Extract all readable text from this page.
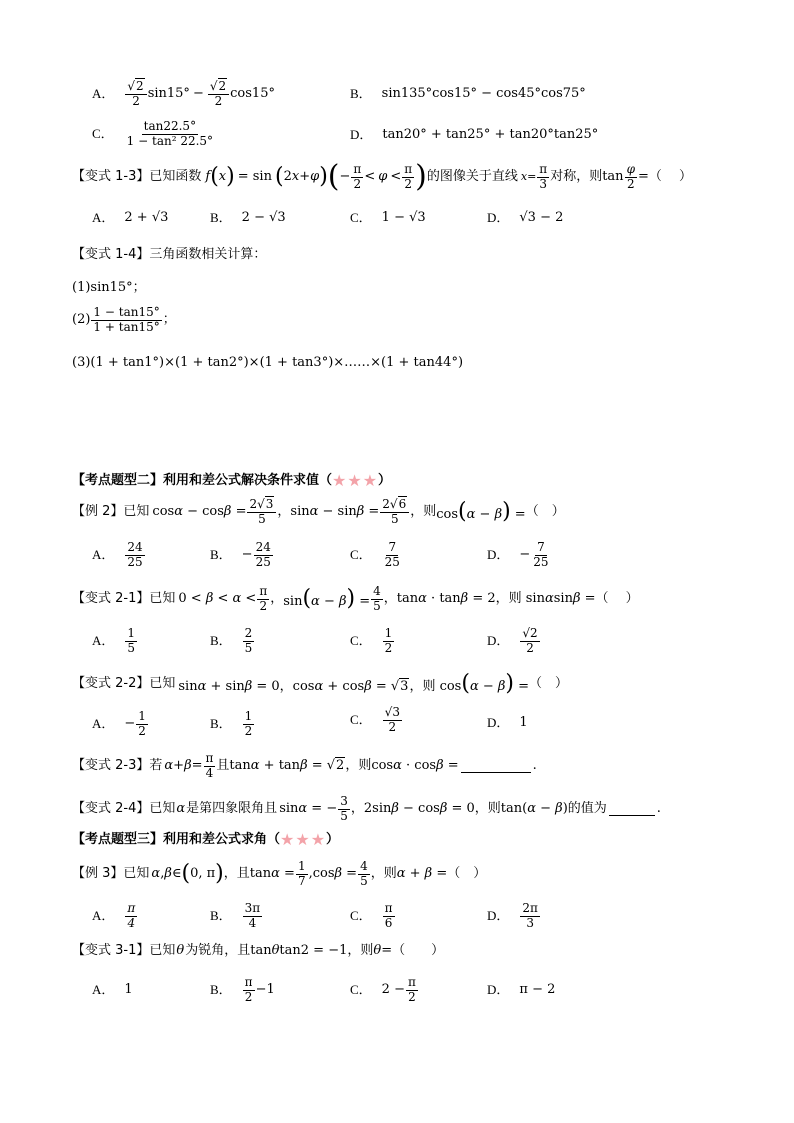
A． $\frac{√2}{2} \sin 15^\circ - \frac{√2}{2} \cos 15^\circ$	B． sin135°cos15° − cos45°cos75°
C． $\frac{\tan 22.5^\circ}{\text{1 − tan² 22.5°}}$	D． tan20° + tan25° + tan20°tan25°
【变式 1-3】 已知函数 f ( x ) = sin ( 2 x + φ ) ( − $\frac{\pi}{2} < \varphi < \frac{\pi}{2}$ ) 的图像关于直线 $x = \frac{\pi}{3}$ 对称，则 $\tan \frac{\varphi}{2}$ = （　 ）
A． 2 + √3	B． 2 − √3	C． 1 − √3	D． √3 − 2
【变式 1-4】 三角函数相关计算：
(1)sin15°；
$(2) \frac{1 - \tan 15^\circ}{1 + \tan 15^\circ}$ ；
(3)(1 + tan1°)×(1 + tan2°)×(1 + tan3°)×……×(1 + tan44°)
【考点题型二】利用和差公式解决条件求值（ ★★★ ）
【例 2】 已知 $\cos\alpha - \cos\beta = \frac{2√3}{5}$ ， $\sin\alpha - \sin\beta = \frac{2√6}{5}$ ，则 cos(α − β) = （　）
A． $\frac{24}{25}$	B． − $\frac{24}{25}$	C． $\frac{7}{25}$	D． − $\frac{7}{25}$
【变式 2-1】 已知 $0 < \beta < \alpha < \frac{\pi}{2}$ ， $\sin(\alpha - \beta) = \frac{4}{5}$ ， tanα · tanβ = 2，则 sinαsinβ = （　 ）
A． $\frac{1}{5}$	B． $\frac{2}{5}$	C． $\frac{1}{2}$	D． $\frac{√2}{2}$
【变式 2-2】 已知 sinα + sinβ = 0，cosα + cosβ = √3，则 cos(α − β) = （　）
A． − $\frac{1}{2}$	B． $\frac{1}{2}$	C． $\frac{√3}{2}$	D． 1
【变式 2-3】 若 $\alpha + \beta = \frac{\pi}{4}$ 且 tanα + tanβ = √2 ，则 cosα · cosβ =	.
【变式 2-4】 已知 α 是第四象限角且 sinα = − $\frac{3}{5}$ ， 2sinβ − cosβ = 0 ，则 tan(α − β) 的值为	.
【考点题型三】利用和差公式求角（ ★★★ ）
【例 3】 已知 α , β ∈ ( 0, π ) ，且 $\tan\alpha = \frac{1}{7} ,\cos\beta = \frac{4}{5}$ ，则 α + β = （　）
A． $\frac{\pi}{4}$	B． $\frac{3\pi}{4}$	C． $\frac{\pi}{6}$	D． $\frac{2\pi}{3}$
【变式 3-1】 已知 θ 为锐角，且 tanθtan2 = −1 ，则 θ = （　　）
A． 1	B． $\frac{\pi}{2} -1$	C． $2 - \frac{\pi}{2}$	D． π − 2
